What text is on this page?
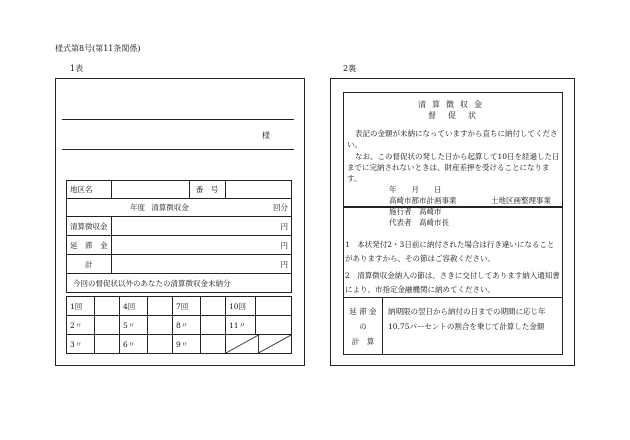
様式第8号(第11条関係)
1表	2裏
様
地区名		番　号	
年度 清算徴収金 回分			

清算徴収金	円		
延　滞　金	円		
計	円		
今回の督促状以外のあなたの清算徴収金未納分			
1回		4回		7回		10回	
2〃		5〃		8〃		11〃	
3〃		6〃		9〃		
清算徴収金
督　促　状
表記の金額が未納になっていますから直ちに納付してください。
なお、この督促状の発した日から起算して10日を経過した日までに完納されないときは、財産差押を受けることになります。
年　　月　　日
高崎市都市計画事業	土地区画整理事業
施行者 高崎市
代表者 高崎市長
1　本状発付2・3日前に納付された場合は行き違いになることがありますから、その節はご容赦ください。
2　清算徴収金納入の節は、さきに交付してあります納入通知書により、市指定金融機関に納めてください。
延 滞 金
の
計　算
納期限の翌日から納付の日までの期間に応じ年10.75パーセントの割合を乗じて計算した金額
